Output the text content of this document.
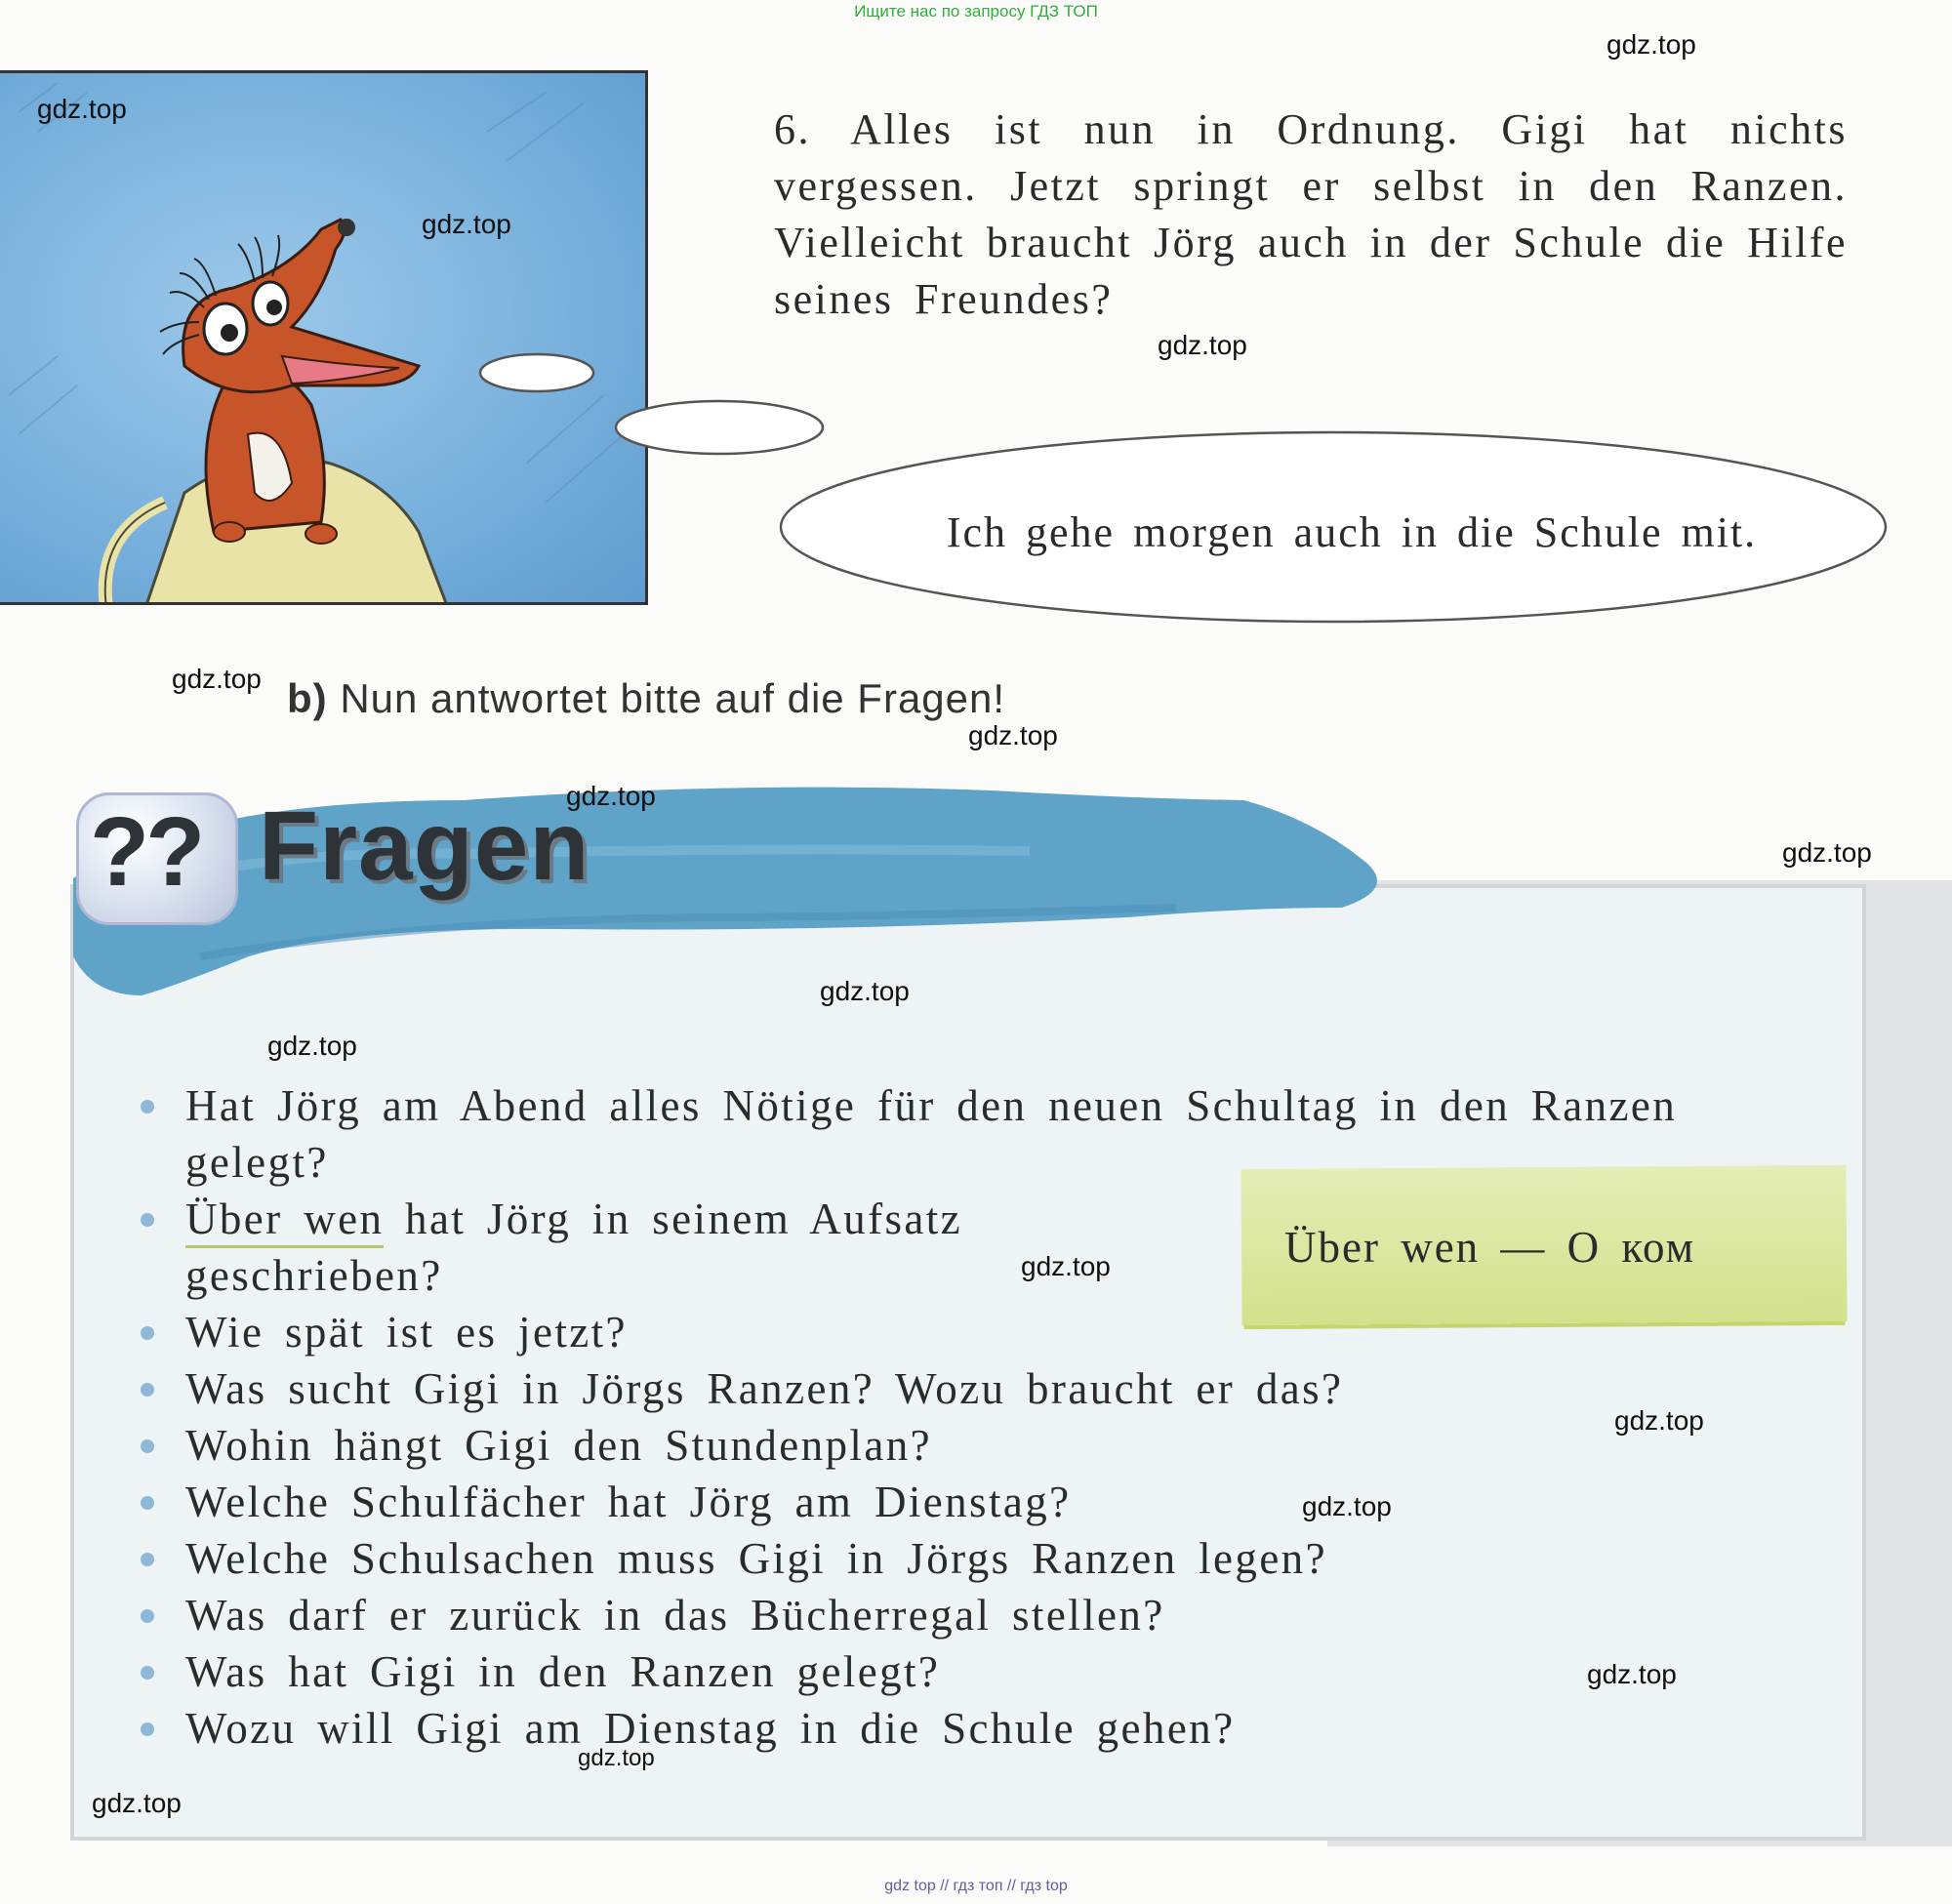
Ищите нас по запросу ГДЗ ТОП
gdz.top
gdz.top
gdz.top
6. Alles ist nun in Ordnung. Gigi hat nichts vergessen. Jetzt springt er selbst in den Ranzen. Vielleicht braucht Jörg auch in der Schule die Hilfe seines Freundes?
gdz.top
Ich gehe morgen auch in die Schule mit.
b) Nun antwortet bitte auf die Fragen!
gdz.top
gdz.top
?? Fragen
gdz.top
gdz.top
gdz.top
gdz.top
Über wen — О ком
Hat Jörg am Abend alles Nötige für den neuen Schultag in den Ranzen gelegt?
Über wen hat Jörg in seinem Aufsatz geschrieben?
Wie spät ist es jetzt?
Was sucht Gigi in Jörgs Ranzen? Wozu braucht er das?
Wohin hängt Gigi den Stundenplan?
Welche Schulfächer hat Jörg am Dienstag?
Welche Schulsachen muss Gigi in Jörgs Ranzen legen?
Was darf er zurück in das Bücherregal stellen?
Was hat Gigi in den Ranzen gelegt?
Wozu will Gigi am Dienstag in die Schule gehen?
gdz.top
gdz.top
gdz.top
gdz.top
gdz.top
gdz.top
gdz top // гдз топ // гдз top
